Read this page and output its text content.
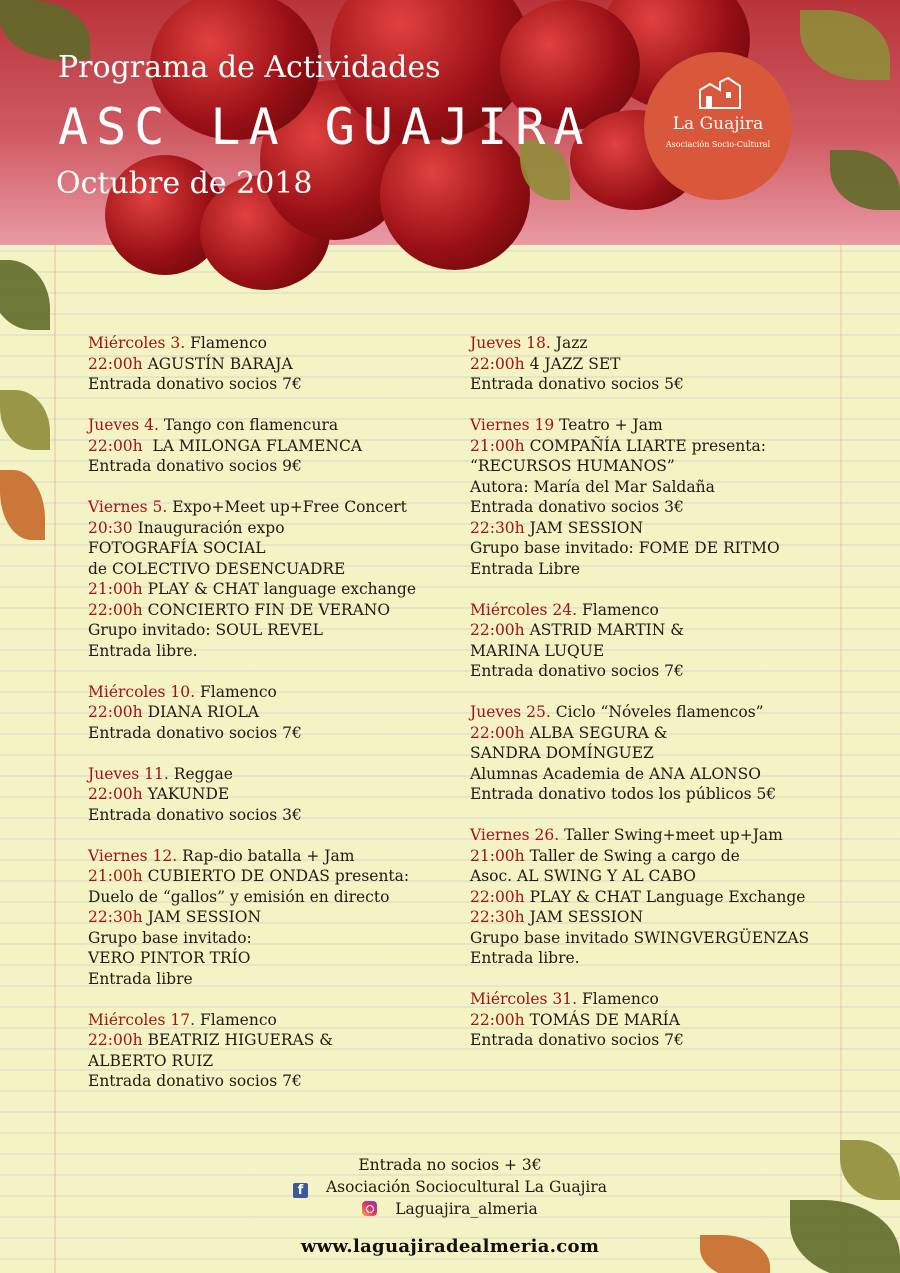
Programa de Actividades
ASC LA GUAJIRA
Octubre de 2018
La Guajira
Asociación Socio-Cultural
Miércoles 3. Flamenco
22:00h AGUSTÍN BARAJA
Entrada donativo socios 7€
Jueves 4. Tango con flamencura
22:00h  LA MILONGA FLAMENCA
Entrada donativo socios 9€
Viernes 5. Expo+Meet up+Free Concert
20:30 Inauguración expo
FOTOGRAFÍA SOCIAL
de COLECTIVO DESENCUADRE
21:00h PLAY & CHAT language exchange
22:00h CONCIERTO FIN DE VERANO
Grupo invitado: SOUL REVEL
Entrada libre.
Miércoles 10. Flamenco
22:00h DIANA RIOLA
Entrada donativo socios 7€
Jueves 11. Reggae
22:00h YAKUNDE
Entrada donativo socios 3€
Viernes 12. Rap-dio batalla + Jam
21:00h CUBIERTO DE ONDAS presenta:
Duelo de “gallos” y emisión en directo
22:30h JAM SESSION
Grupo base invitado:
VERO PINTOR TRÍO
Entrada libre
Miércoles 17. Flamenco
22:00h BEATRIZ HIGUERAS &
ALBERTO RUIZ
Entrada donativo socios 7€
Jueves 18. Jazz
22:00h 4 JAZZ SET
Entrada donativo socios 5€
Viernes 19 Teatro + Jam
21:00h COMPAÑÍA LIARTE presenta:
“RECURSOS HUMANOS”
Autora: María del Mar Saldaña
Entrada donativo socios 3€
22:30h JAM SESSION
Grupo base invitado: FOME DE RITMO
Entrada Libre
Miércoles 24. Flamenco
22:00h ASTRID MARTIN &
MARINA LUQUE
Entrada donativo socios 7€
Jueves 25. Ciclo “Nóveles flamencos”
22:00h ALBA SEGURA &
SANDRA DOMÍNGUEZ
Alumnas Academia de ANA ALONSO
Entrada donativo todos los públicos 5€
Viernes 26. Taller Swing+meet up+Jam
21:00h Taller de Swing a cargo de
Asoc. AL SWING Y AL CABO
22:00h PLAY & CHAT Language Exchange
22:30h JAM SESSION
Grupo base invitado SWINGVERGÜENZAS
Entrada libre.
Miércoles 31. Flamenco
22:00h TOMÁS DE MARÍA
Entrada donativo socios 7€
Entrada no socios + 3€
f Asociación Sociocultural La Guajira
Laguajira_almeria
www.laguajiradealmeria.com
